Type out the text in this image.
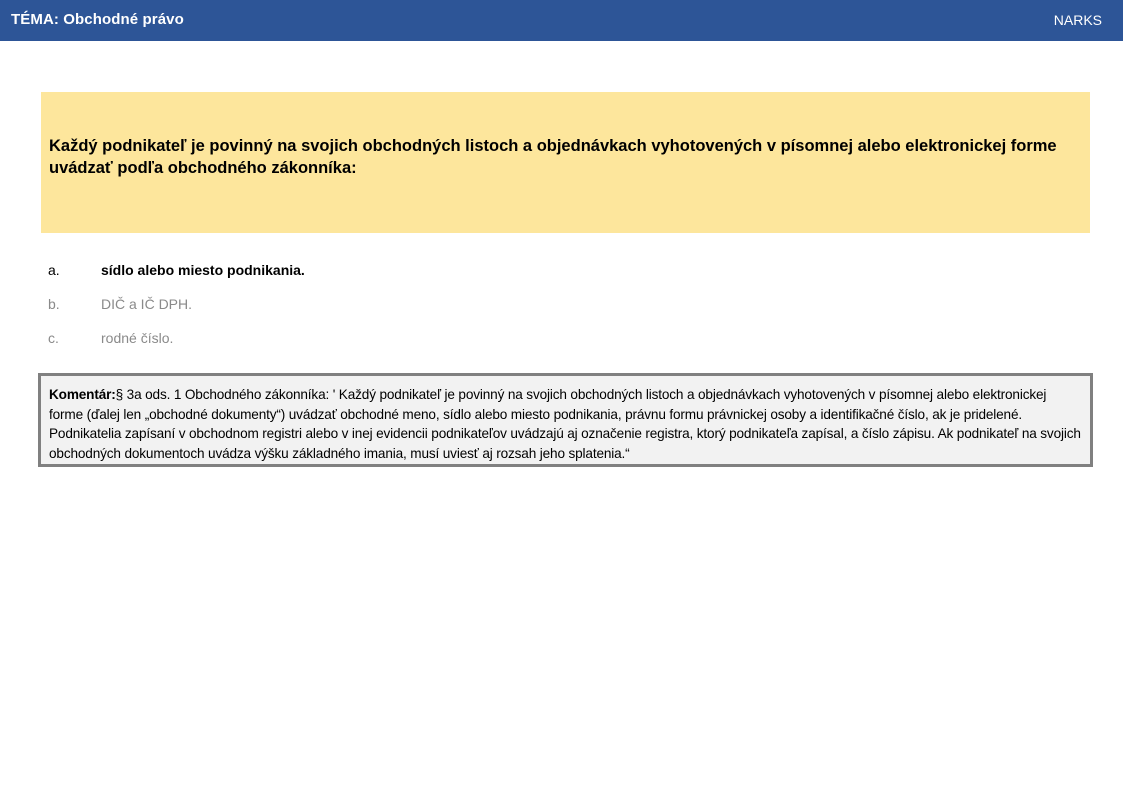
TÉMA: Obchodné právo	NARKS
Každý podnikateľ je povinný na svojich obchodných listoch a objednávkach vyhotovených v písomnej alebo elektronickej forme uvádzať podľa obchodného zákonníka:
a.	sídlo alebo miesto podnikania.
b.	DIČ a IČ DPH.
c.	rodné číslo.
Komentár:§ 3a ods. 1 Obchodného zákonníka: ' Každý podnikateľ je povinný na svojich obchodných listoch a objednávkach vyhotovených v písomnej alebo elektronickej forme (ďalej len „obchodné dokumenty“) uvádzať obchodné meno, sídlo alebo miesto podnikania, právnu formu právnickej osoby a identifikačné číslo, ak je pridelené. Podnikatelia zapísaní v obchodnom registri alebo v inej evidencii podnikateľov uvádzajú aj označenie registra, ktorý podnikateľa zapísal, a číslo zápisu. Ak podnikateľ na svojich obchodných dokumentoch uvádza výšku základného imania, musí uviesť aj rozsah jeho splatenia.“
